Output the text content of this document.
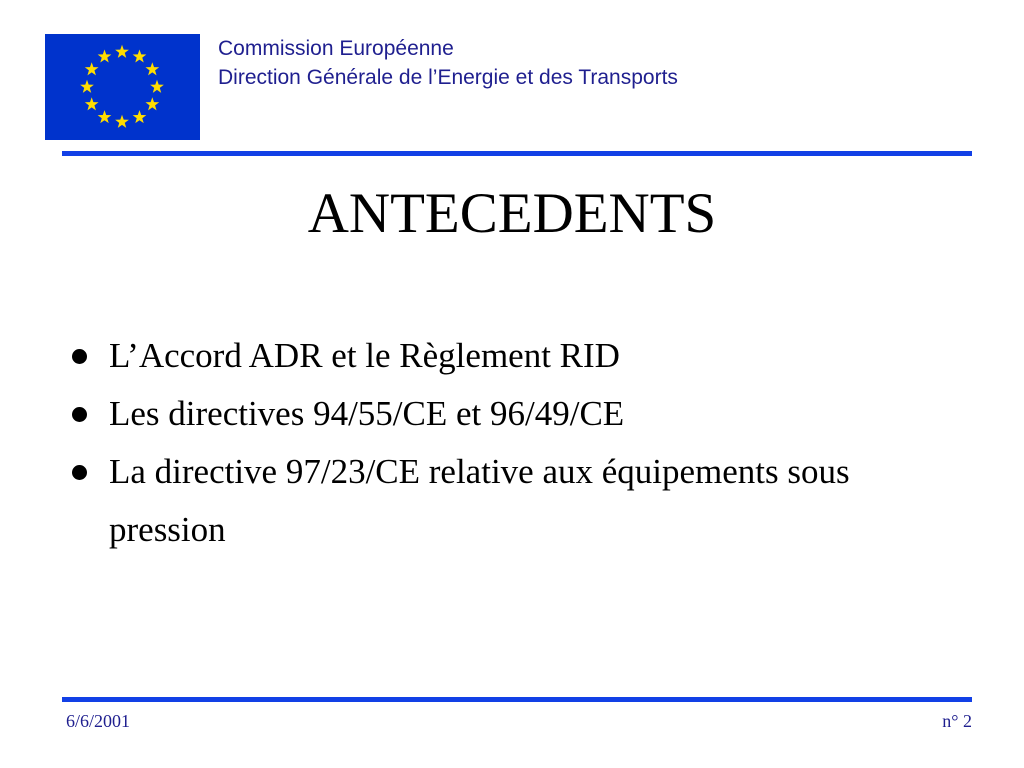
Commission Européenne
Direction Générale de l’Energie et des Transports
ANTECEDENTS
L’Accord ADR et le Règlement RID
Les directives 94/55/CE et 96/49/CE
La directive 97/23/CE relative aux équipements sous pression
6/6/2001	n° 2
